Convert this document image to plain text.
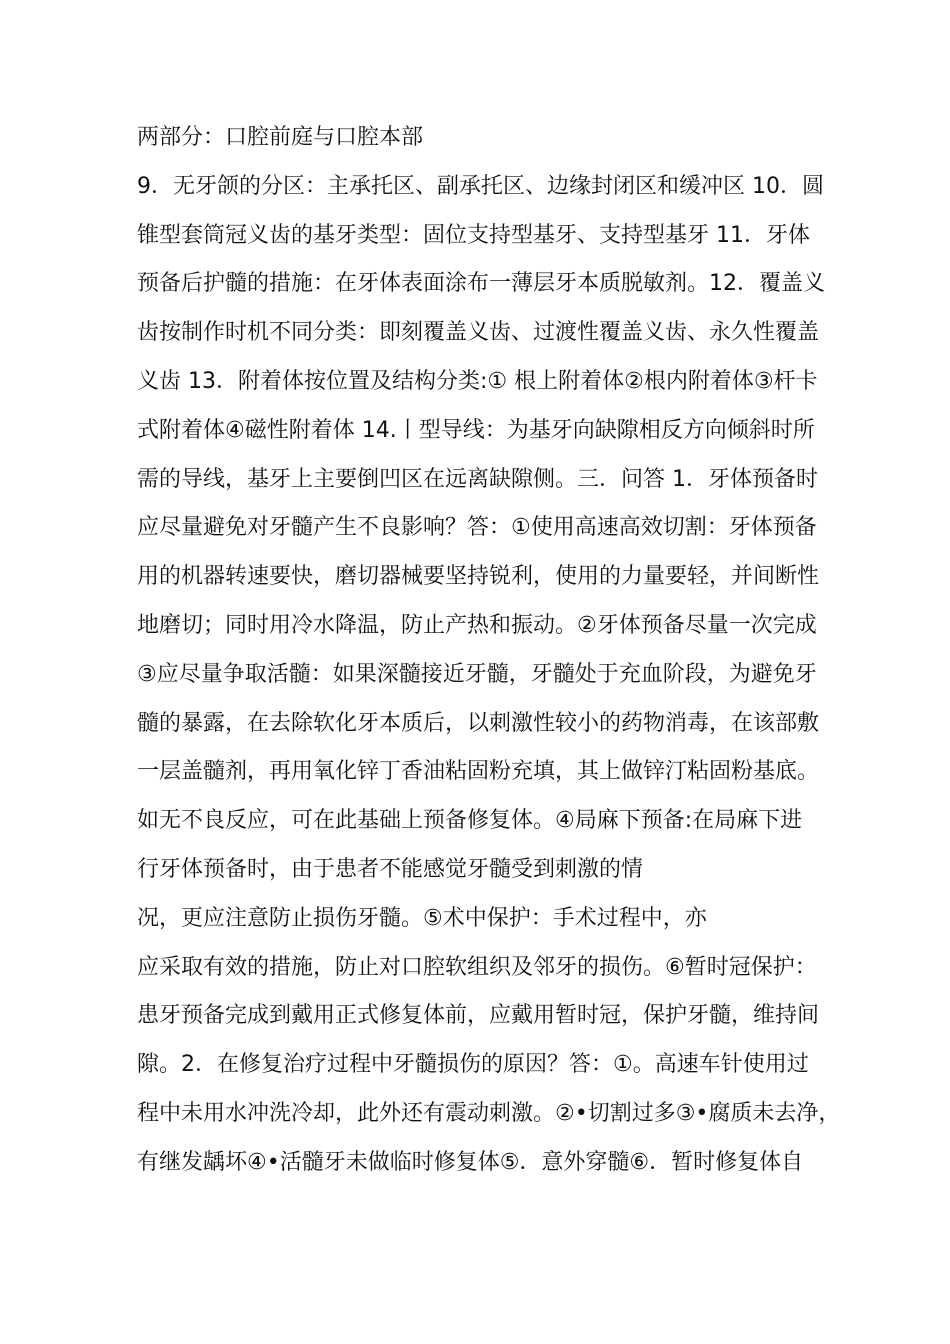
两部分：口腔前庭与口腔本部
9．无牙颌的分区：主承托区、副承托区、边缘封闭区和缓冲区 10．圆
锥型套筒冠义齿的基牙类型：固位支持型基牙、支持型基牙 11．牙体
预备后护髓的措施：在牙体表面涂布一薄层牙本质脱敏剂。12．覆盖义
齿按制作时机不同分类：即刻覆盖义齿、过渡性覆盖义齿、永久性覆盖
义齿 13．附着体按位置及结构分类:① 根上附着体②根内附着体③杆卡
式附着体④磁性附着体 14.丨型导线：为基牙向缺隙相反方向倾斜时所
需的导线，基牙上主要倒凹区在远离缺隙侧。三．问答 1．牙体预备时
应尽量避免对牙髓产生不良影响？答：①使用高速高效切割：牙体预备
用的机器转速要快，磨切器械要坚持锐利，使用的力量要轻，并间断性
地磨切；同时用冷水降温，防止产热和振动。②牙体预备尽量一次完成
③应尽量争取活髓：如果深髓接近牙髓，牙髓处于充血阶段，为避免牙
髓的暴露，在去除软化牙本质后，以刺激性较小的药物消毒，在该部敷
一层盖髓剂，再用氧化锌丁香油粘固粉充填，其上做锌汀粘固粉基底。
如无不良反应，可在此基础上预备修复体。④局麻下预备:在局麻下进
行牙体预备时，由于患者不能感觉牙髓受到刺激的情
况，更应注意防止损伤牙髓。⑤术中保护：手术过程中，亦
应采取有效的措施，防止对口腔软组织及邻牙的损伤。⑥暂时冠保护：
患牙预备完成到戴用正式修复体前，应戴用暂时冠，保护牙髓，维持间
隙。2．在修复治疗过程中牙髓损伤的原因？答：①。高速车针使用过
程中未用水冲洗冷却，此外还有震动刺激。②•切割过多③•腐质未去净，
有继发龋坏④•活髓牙未做临时修复体⑤．意外穿髓⑥．暂时修复体自
